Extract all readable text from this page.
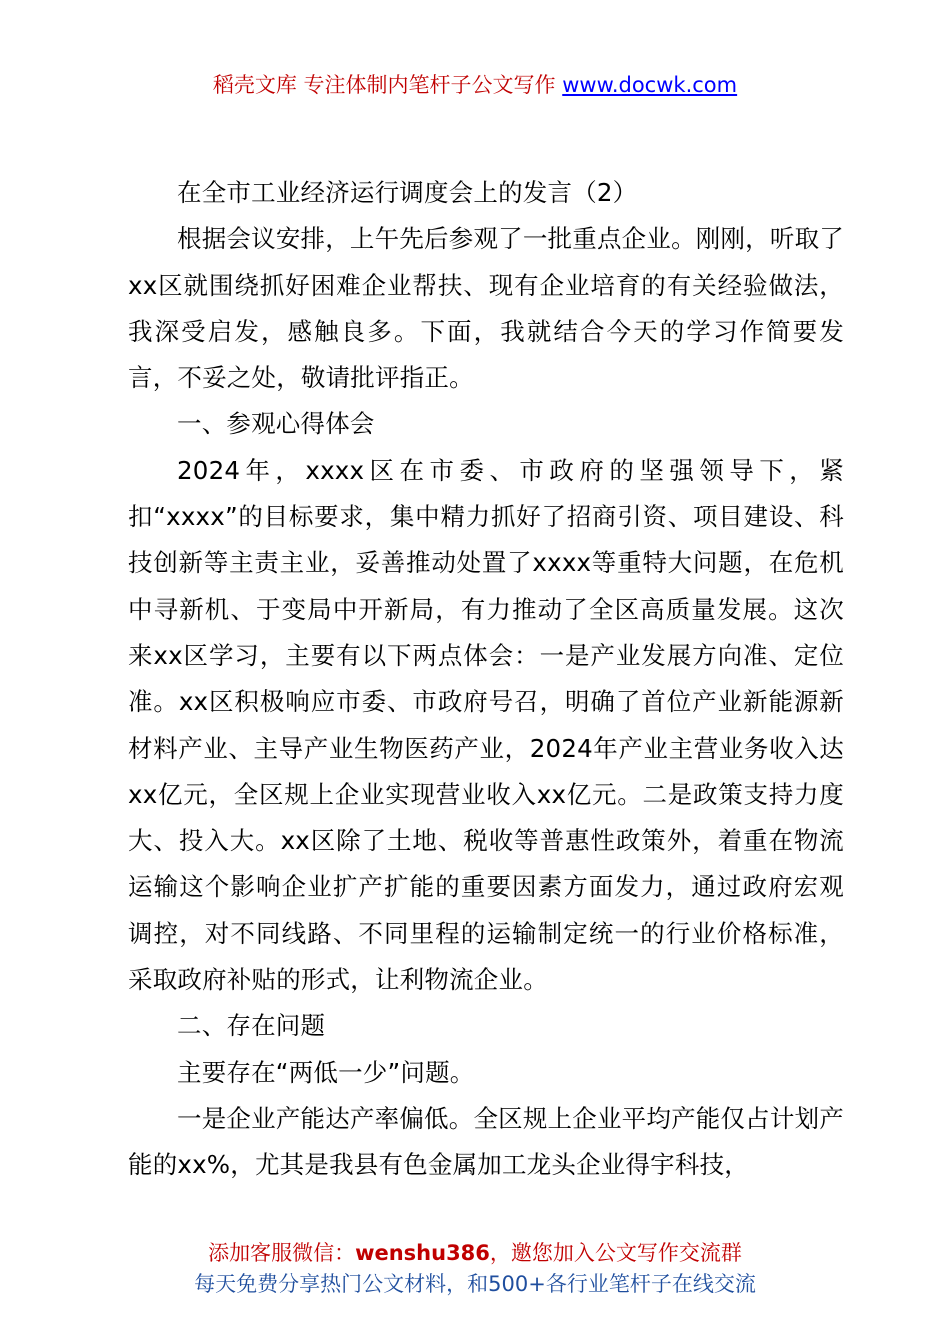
稻壳文库 专注体制内笔杆子公文写作 www.docwk.com

在全市工业经济运行调度会上的发言（2）

根据会议安排，上午先后参观了一批重点企业。刚刚，听取了xx区就围绕抓好困难企业帮扶、现有企业培育的有关经验做法，我深受启发，感触良多。下面，我就结合今天的学习作简要发言，不妥之处，敬请批评指正。

一、参观心得体会

2024年，xxxx区在市委、市政府的坚强领导下，紧扣“xxxx”的目标要求，集中精力抓好了招商引资、项目建设、科技创新等主责主业，妥善推动处置了xxxx等重特大问题，在危机中寻新机、于变局中开新局，有力推动了全区高质量发展。这次来xx区学习，主要有以下两点体会：一是产业发展方向准、定位准。xx区积极响应市委、市政府号召，明确了首位产业新能源新材料产业、主导产业生物医药产业，2024年产业主营业务收入达xx亿元，全区规上企业实现营业收入xx亿元。二是政策支持力度大、投入大。xx区除了土地、税收等普惠性政策外，着重在物流运输这个影响企业扩产扩能的重要因素方面发力，通过政府宏观调控，对不同线路、不同里程的运输制定统一的行业价格标准，采取政府补贴的形式，让利物流企业。

二、存在问题

主要存在“两低一少”问题。

一是企业产能达产率偏低。全区规上企业平均产能仅占计划产能的xx%，尤其是我县有色金属加工龙头企业得宇科技，

添加客服微信：wenshu386，邀您加入公文写作交流群
每天免费分享热门公文材料，和500+各行业笔杆子在线交流
